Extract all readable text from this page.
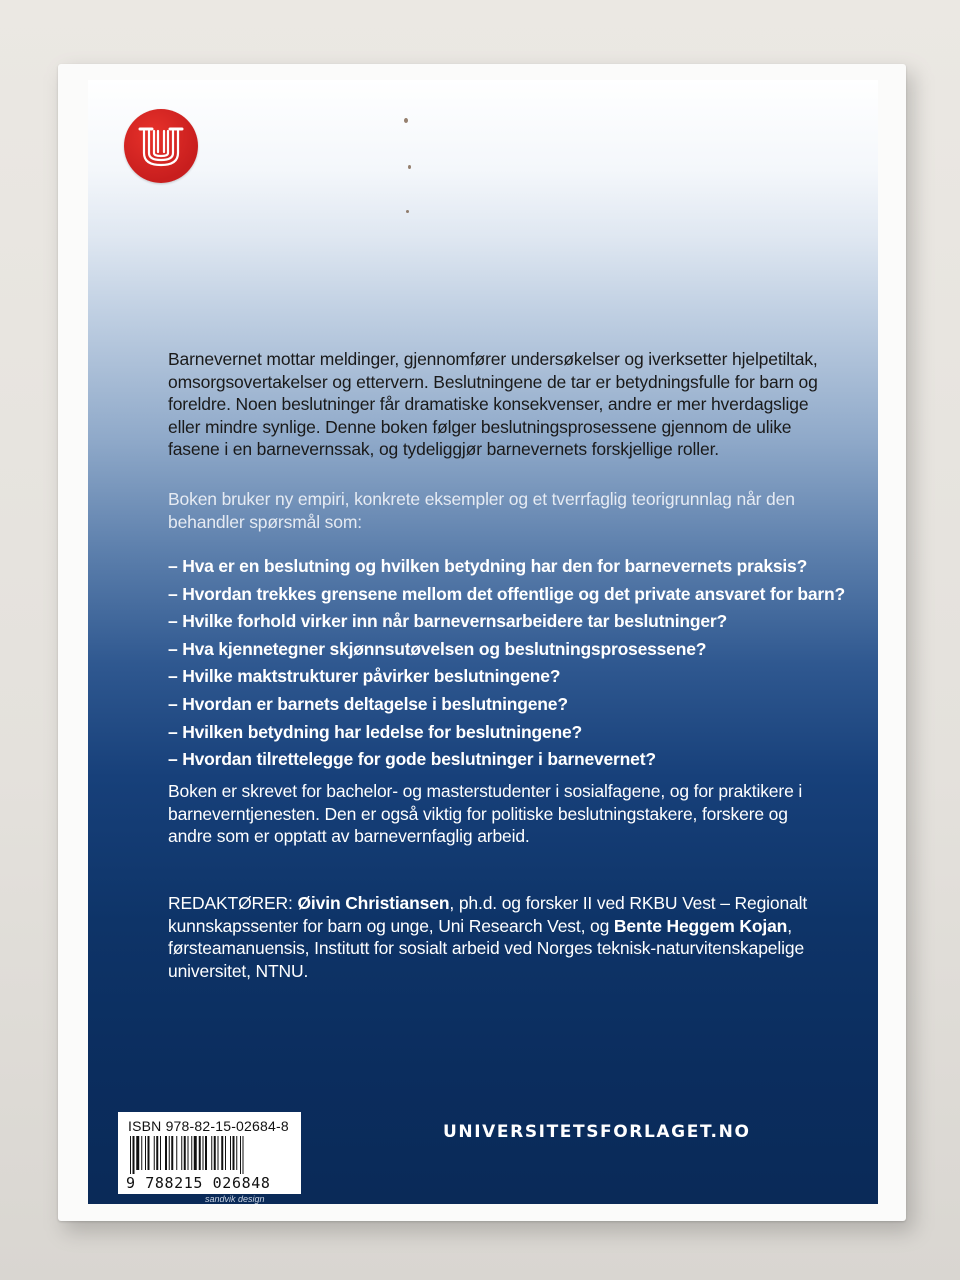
Barnevernet mottar meldinger, gjennomfører undersøkelser og iverksetter hjelpetiltak, omsorgsovertakelser og ettervern. Beslutningene de tar er betydningsfulle for barn og foreldre. Noen beslutninger får dramatiske konsekvenser, andre er mer hverdagslige eller mindre synlige. Denne boken følger beslutningsprosessene gjennom de ulike fasene i en barnevernssak, og tydeliggjør barnevernets forskjellige roller.
Boken bruker ny empiri, konkrete eksempler og et tverrfaglig teorigrunnlag når den behandler spørsmål som:
– Hva er en beslutning og hvilken betydning har den for barnevernets praksis?
– Hvordan trekkes grensene mellom det offentlige og det private ansvaret for barn?
– Hvilke forhold virker inn når barnevernsarbeidere tar beslutninger?
– Hva kjennetegner skjønnsutøvelsen og beslutningsprosessene?
– Hvilke maktstrukturer påvirker beslutningene?
– Hvordan er barnets deltagelse i beslutningene?
– Hvilken betydning har ledelse for beslutningene?
– Hvordan tilrettelegge for gode beslutninger i barnevernet?
Boken er skrevet for bachelor- og masterstudenter i sosialfagene, og for praktikere i barneverntjenesten. Den er også viktig for politiske beslutningstakere, forskere og andre som er opptatt av barnevernfaglig arbeid.
REDAKTØRER: Øivin Christiansen, ph.d. og forsker II ved RKBU Vest – Regionalt kunnskapssenter for barn og unge, Uni Research Vest, og Bente Heggem Kojan, førsteamanuensis, Institutt for sosialt arbeid ved Norges teknisk-naturvitenskapelige universitet, NTNU.
ISBN 978-82-15-02684-8
9 788215 026848
sandvik design
UNIVERSITETSFORLAGET.NO
